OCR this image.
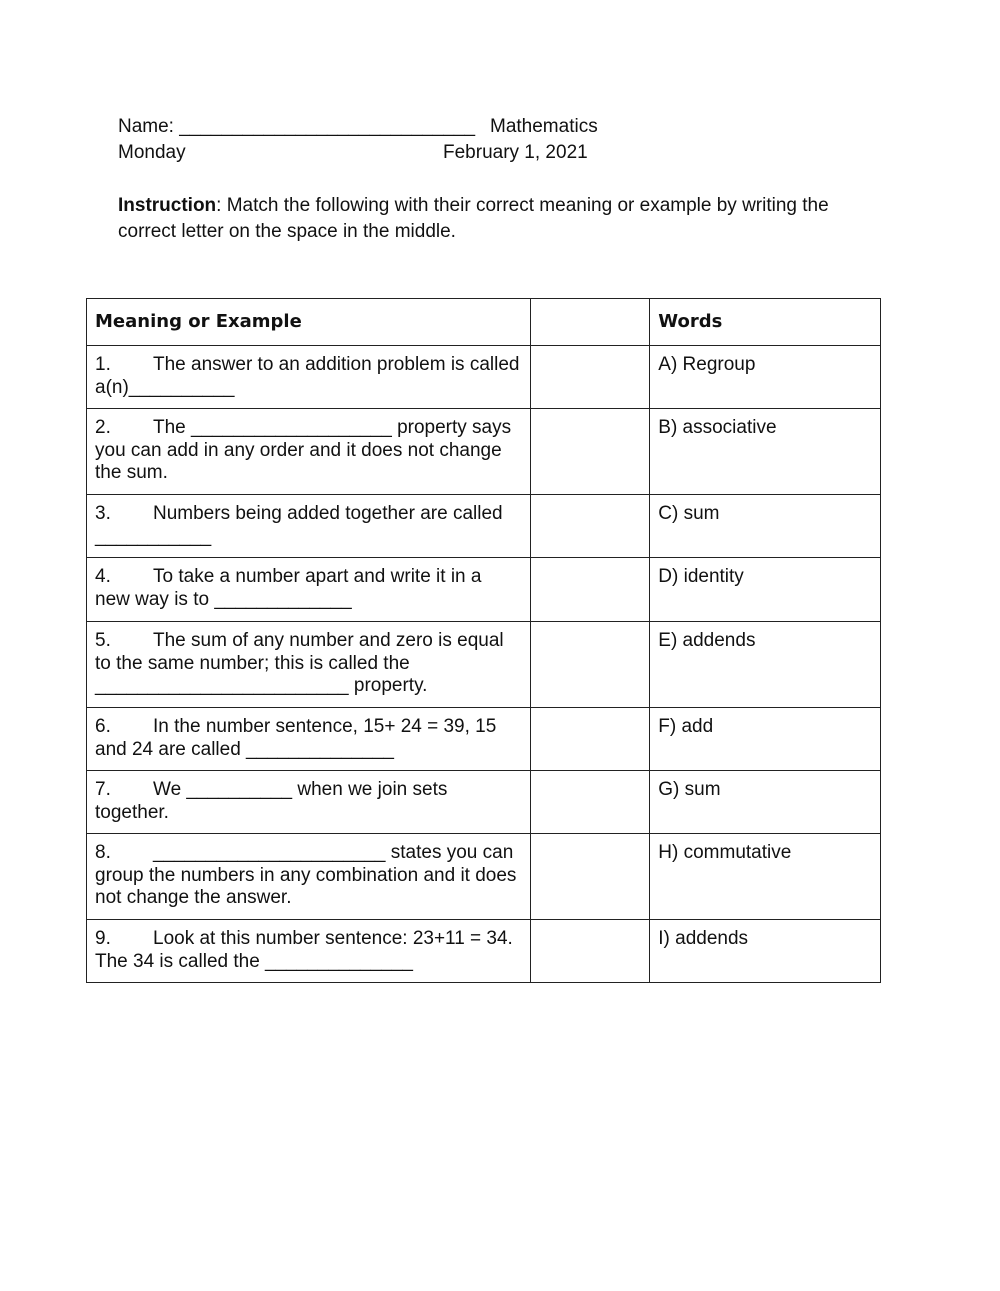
Name: ____________________________ Mathematics
Monday	February 1, 2021
Instruction: Match the following with their correct meaning or example by writing the correct letter on the space in the middle.
Meaning or Example		Words
1. The answer to an addition problem is called a(n)__________		A) Regroup
2. The ___________________ property says you can add in any order and it does not change the sum.		B) associative
3. Numbers being added together are called ___________		C) sum
4. To take a number apart and write it in a new way is to _____________		D) identity
5. The sum of any number and zero is equal to the same number; this is called the ________________________ property.		E) addends
6. In the number sentence, 15+ 24 = 39, 15 and 24 are called ______________		F) add
7. We __________ when we join sets together.		G) sum
8. ______________________ states you can group the numbers in any combination and it does not change the answer.		H) commutative
9. Look at this number sentence: 23+11 = 34. The 34 is called the ______________		I) addends
